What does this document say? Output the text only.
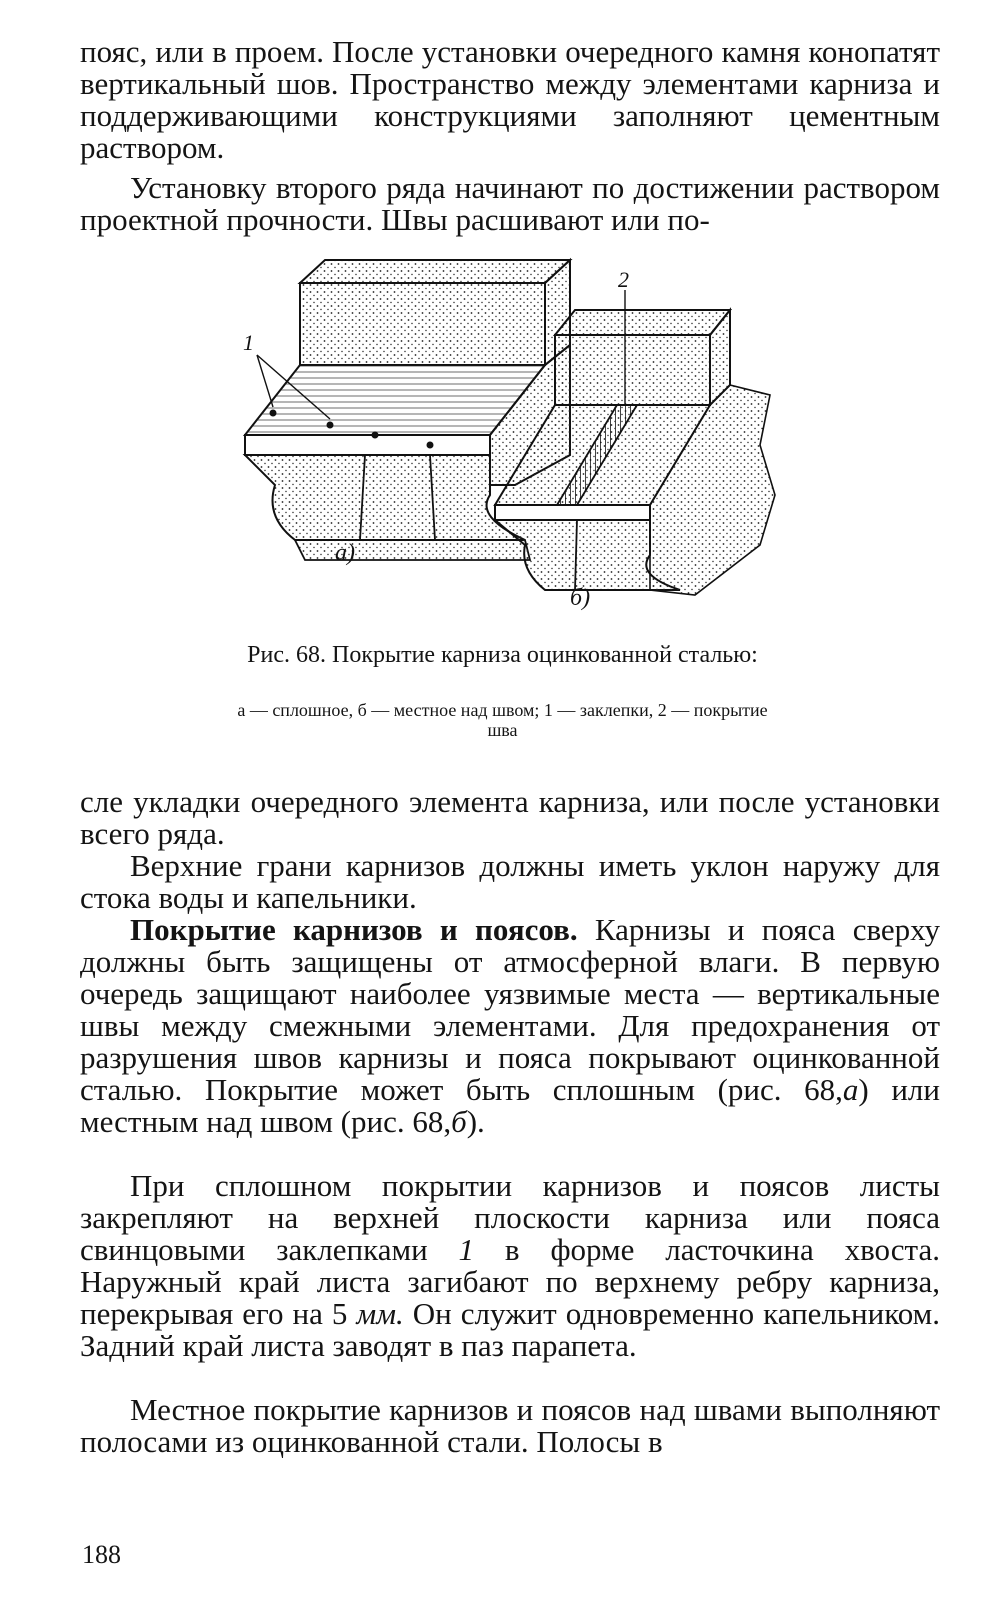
пояс, или в проем. После установки очередного камня конопатят вертикальный шов. Пространство между элементами карниза и поддерживающими конструкциями заполняют цементным раствором.

Установку второго ряда начинают по достижении раствором проектной прочности. Швы расшивают или по-

1
2
а)
б)

Рис. 68. Покрытие карниза оцинкованной сталью:

а — сплошное, б — местное над швом; 1 — заклепки, 2 — покрытие шва

сле укладки очередного элемента карниза, или после установки всего ряда.

Верхние грани карнизов должны иметь уклон наружу для стока воды и капельники.

Покрытие карнизов и поясов. Карнизы и пояса сверху должны быть защищены от атмосферной влаги. В первую очередь защищают наиболее уязвимые места — вертикальные швы между смежными элементами. Для предохранения от разрушения швов карнизы и пояса покрывают оцинкованной сталью. Покрытие может быть сплошным (рис. 68,а) или местным над швом (рис. 68,б).

При сплошном покрытии карнизов и поясов листы закрепляют на верхней плоскости карниза или пояса свинцовыми заклепками 1 в форме ласточкина хвоста. Наружный край листа загибают по верхнему ребру карниза, перекрывая его на 5 мм. Он служит одновременно капельником. Задний край листа заводят в паз парапета.

Местное покрытие карнизов и поясов над швами выполняют полосами из оцинкованной стали. Полосы в

188
